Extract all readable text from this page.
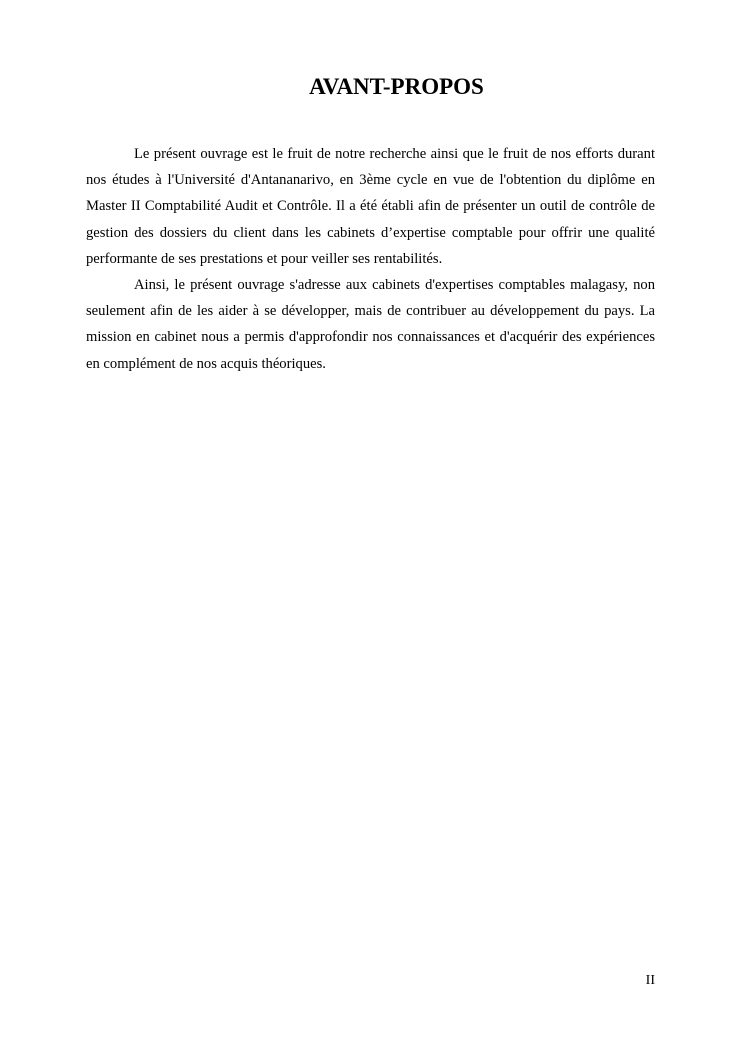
AVANT-PROPOS

Le présent ouvrage est le fruit de notre recherche ainsi que le fruit de nos efforts durant nos études à l'Université d'Antananarivo, en 3ème cycle en vue de l'obtention du diplôme en Master II Comptabilité Audit et Contrôle. Il a été établi afin de présenter un outil de contrôle de gestion des dossiers du client dans les cabinets d’expertise comptable pour offrir une qualité performante de ses prestations et pour veiller ses rentabilités.

Ainsi, le présent ouvrage s'adresse aux cabinets d'expertises comptables malagasy, non seulement afin de les aider à se développer, mais de contribuer au développement du pays. La mission en cabinet nous a permis d'approfondir nos connaissances et d'acquérir des expériences en complément de nos acquis théoriques.

II
